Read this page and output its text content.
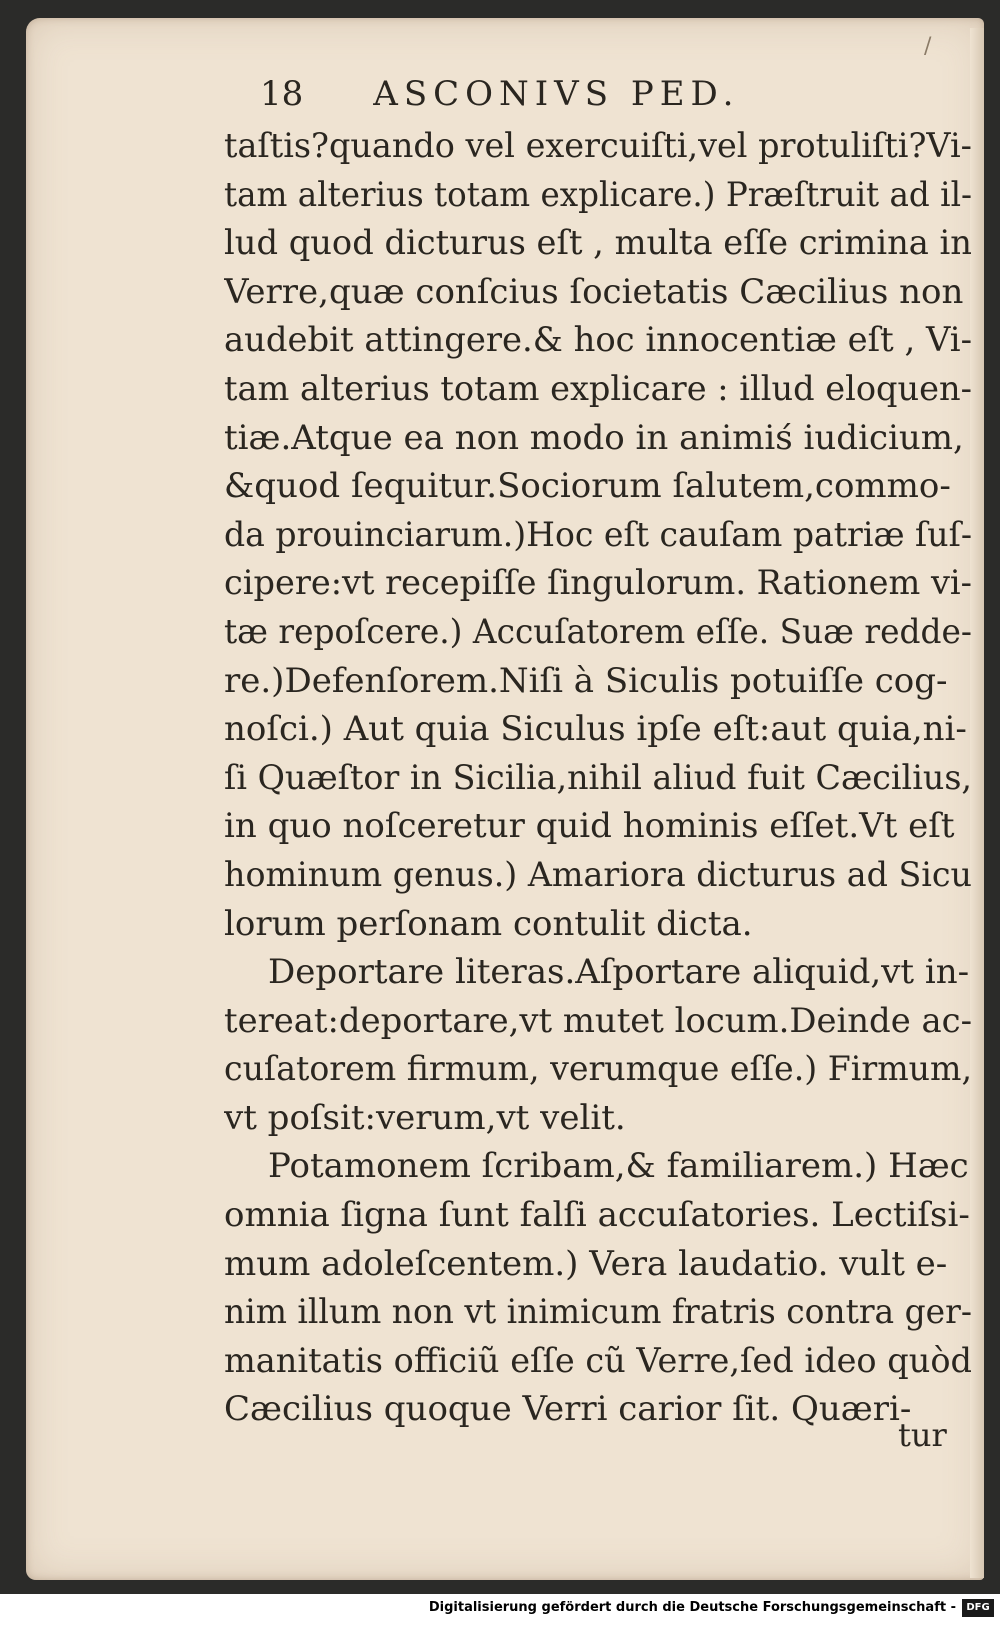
/
18 ASCONIVS PED.
taſtis?quando vel exercuiſti,vel protuliſti?Vi-
tam alterius totam explicare.) Præſtruit ad il-
lud quod dicturus eſt , multa eſſe crimina in
Verre,quæ conſcius ſocietatis Cæcilius non
audebit attingere.& hoc innocentiæ eſt , Vi-
tam alterius totam explicare : illud eloquen-
tiæ.Atque ea non modo in animiś iudicium,
&quod ſequitur.Sociorum ſalutem,commo-
da prouinciarum.)Hoc eſt cauſam patriæ ſuſ-
cipere:vt recepiſſe ſingulorum. Rationem vi-
tæ repoſcere.) Accuſatorem eſſe. Suæ redde-
re.)Defenſorem.Niſi à Siculis potuiſſe cog-
noſci.) Aut quia Siculus ipſe eſt:aut quia,ni-
ſi Quæſtor in Sicilia,nihil aliud fuit Cæcilius,
in quo noſceretur quid hominis eſſet.Vt eſt
hominum genus.) Amariora dicturus ad Sicu
lorum perſonam contulit dicta.
Deportare literas.Aſportare aliquid,vt in-
tereat:deportare,vt mutet locum.Deinde ac-
cuſatorem firmum, verumque eſſe.) Firmum,
vt poſsit:verum,vt velit.
Potamonem ſcribam,& familiarem.) Hæc
omnia ſigna ſunt falſi accuſatories. Lectiſsi-
mum adoleſcentem.) Vera laudatio. vult e-
nim illum non vt inimicum fratris contra ger-
manitatis officiũ eſſe cũ Verre,ſed ideo quòd
Cæcilius quoque Verri carior ſit. Quæri-
tur
Digitalisierung gefördert durch die Deutsche Forschungsgemeinschaft -	DFG
